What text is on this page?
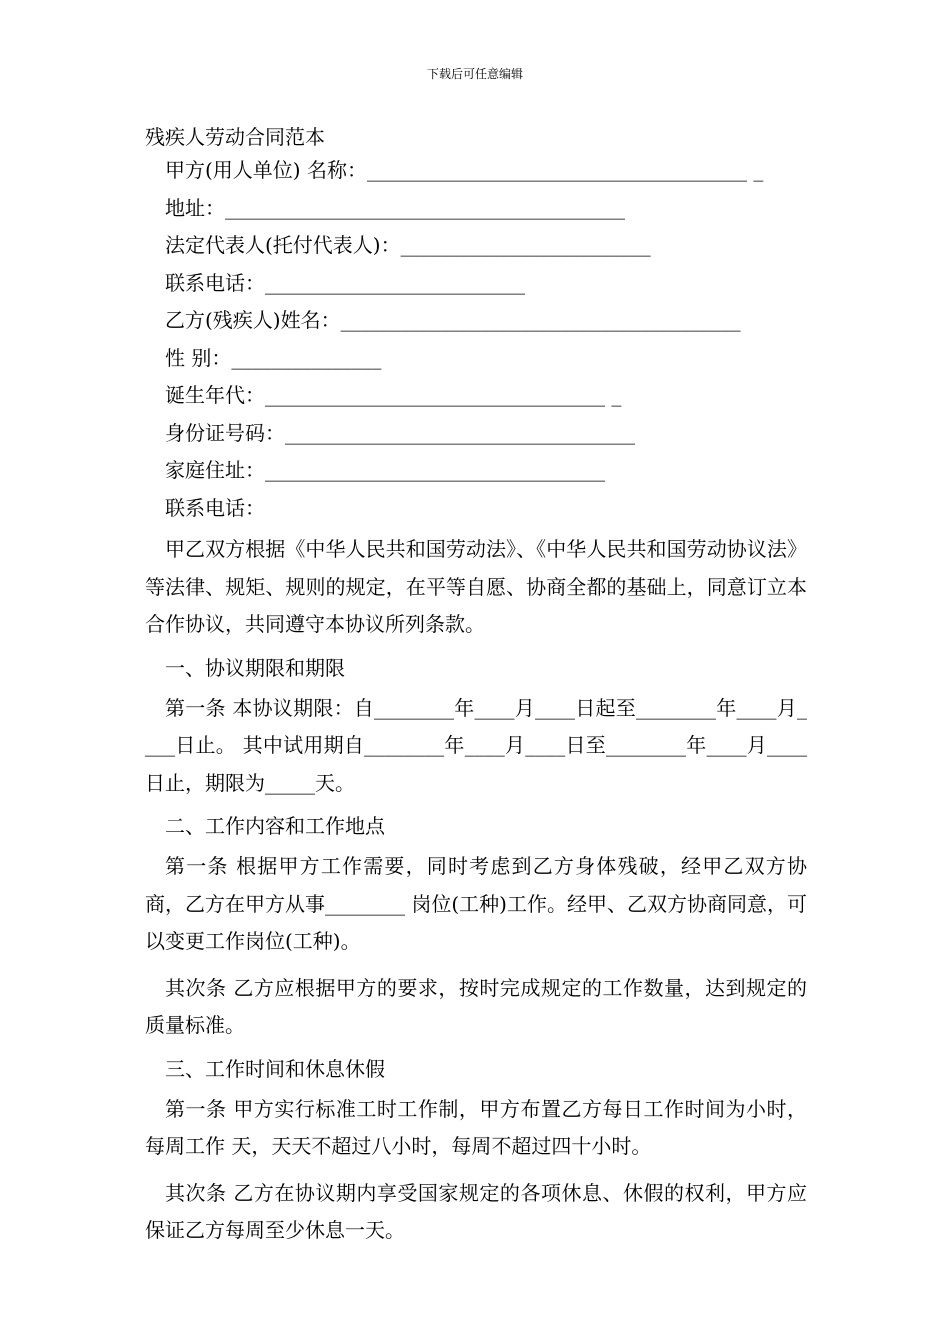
下载后可任意编辑
残疾人劳动合同范本
甲方(用人单位) 名称：______________________________________ _
地址：________________________________________
法定代表人(托付代表人)：_________________________
联系电话：__________________________
乙方(残疾人)姓名：________________________________________
性 别：_______________
诞生年代：__________________________________ _
身份证号码：___________________________________
家庭住址：__________________________________
联系电话：

甲乙双方根据《中华人民共和国劳动法》、《中华人民共和国劳动协议法》等法律、规矩、规则的规定，在平等自愿、协商全都的基础上，同意订立本合作协议，共同遵守本协议所列条款。

一、协议期限和期限

第一条 本协议期限：自________年____月____日起至________年____月____日止。 其中试用期自________年____月____日至________年____月____日止，期限为_____天。

二、工作内容和工作地点

第一条 根据甲方工作需要，同时考虑到乙方身体残破，经甲乙双方协商，乙方在甲方从事________ 岗位(工种)工作。经甲、乙双方协商同意，可以变更工作岗位(工种)。

其次条 乙方应根据甲方的要求，按时完成规定的工作数量，达到规定的质量标准。

三、工作时间和休息休假

第一条 甲方实行标准工时工作制，甲方布置乙方每日工作时间为小时，每周工作 天，天天不超过八小时，每周不超过四十小时。

其次条 乙方在协议期内享受国家规定的各项休息、休假的权利，甲方应保证乙方每周至少休息一天。
